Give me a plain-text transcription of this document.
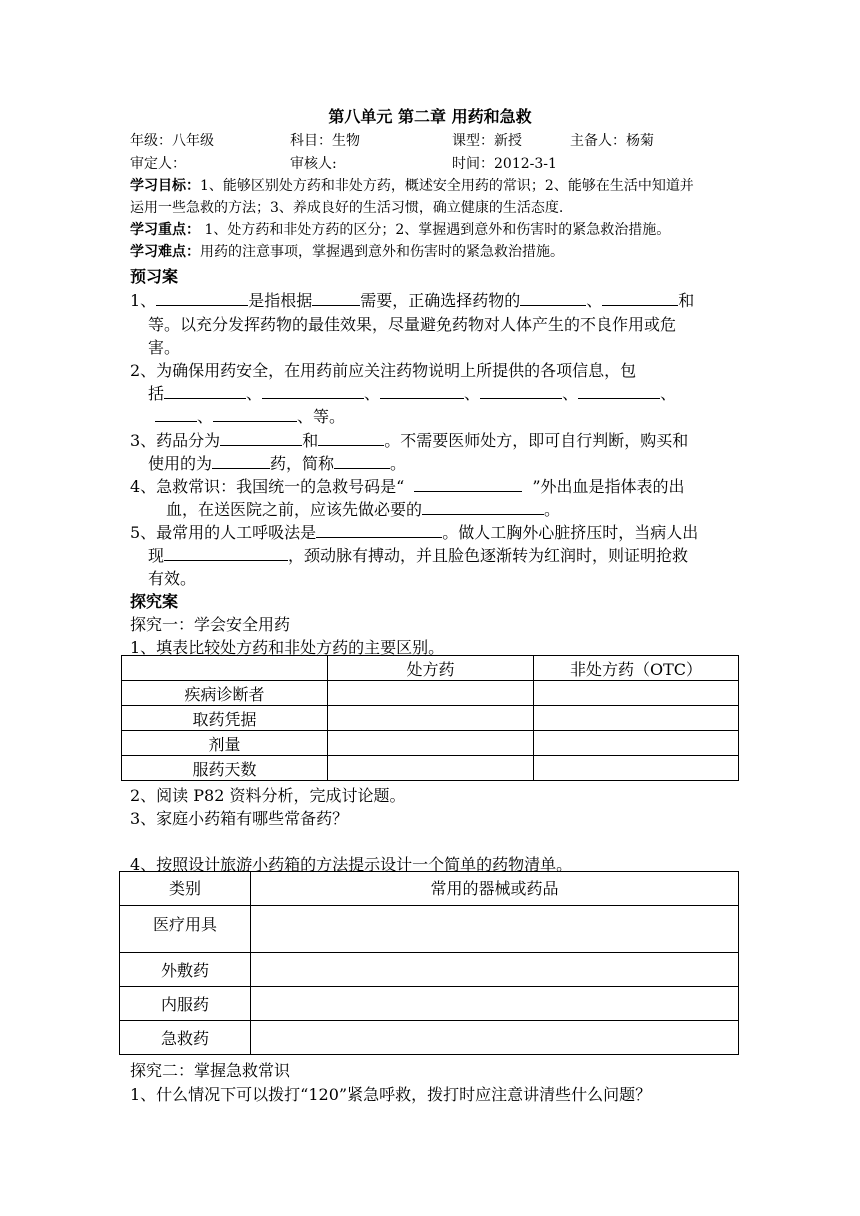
第八单元 第二章 用药和急救
年级：八年级	科目：生物	课型：新授	主备人：杨菊
审定人：	审核人:	时间：2012-3-1
学习目标：1、能够区别处方药和非处方药，概述安全用药的常识；2、能够在生活中知道并
运用一些急救的方法；3、养成良好的生活习惯，确立健康的生活态度.
学习重点： 1、处方药和非处方药的区分；2、掌握遇到意外和伤害时的紧急救治措施。
学习难点：用药的注意事项，掌握遇到意外和伤害时的紧急救治措施。
预习案
1、	是指根据	需要，正确选择药物的	、	和
等。以充分发挥药物的最佳效果，尽量避免药物对人体产生的不良作用或危
害。
2、为确保用药安全，在用药前应关注药物说明上所提供的各项信息，包
括	、	、	、	、	、
、	、等。
3、药品分为	和	。不需要医师处方，即可自行判断，购买和
使用的为	药，简称	。
4、急救常识：我国统一的急救号码是“	”外出血是指体表的出
血，在送医院之前，应该先做必要的	。
5、最常用的人工呼吸法是	。做人工胸外心脏挤压时，当病人出
现	，颈动脉有搏动，并且脸色逐渐转为红润时，则证明抢救
有效。
探究案
探究一：学会安全用药
1、填表比较处方药和非处方药的主要区别。
	处方药	非处方药（OTC）
疾病诊断者		
取药凭据		
剂量		
服药天数		
2、阅读 P82 资料分析，完成讨论题。
3、家庭小药箱有哪些常备药？
4、按照设计旅游小药箱的方法提示设计一个简单的药物清单。
类别	常用的器械或药品
医疗用具	
外敷药	
内服药	
急救药	
探究二：掌握急救常识
1、什么情况下可以拨打“120”紧急呼救，拨打时应注意讲清些什么问题？
